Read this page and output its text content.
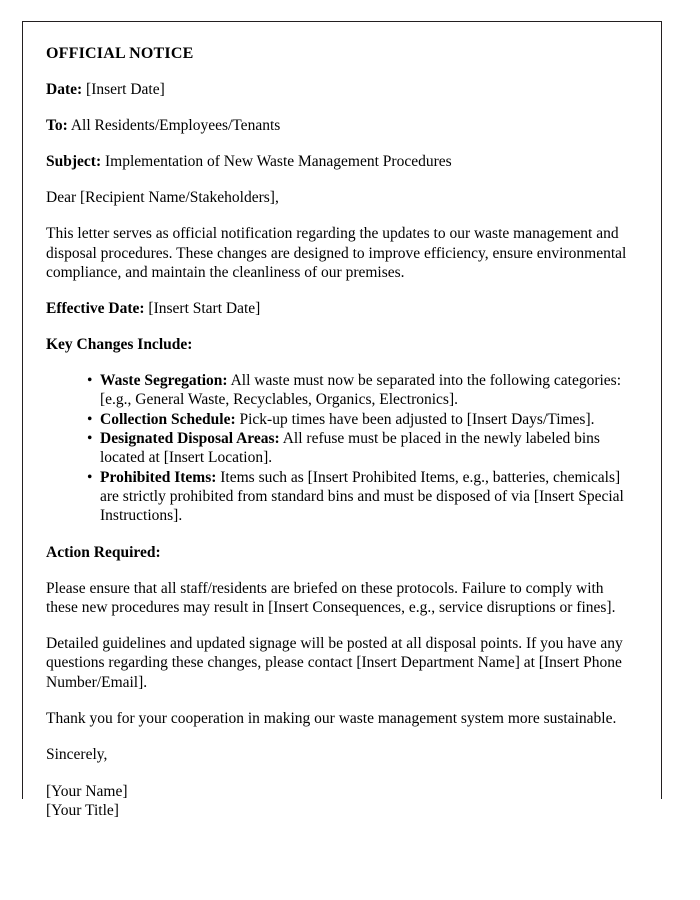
OFFICIAL NOTICE
Date: [Insert Date]
To: All Residents/Employees/Tenants
Subject: Implementation of New Waste Management Procedures
Dear [Recipient Name/Stakeholders],
This letter serves as official notification regarding the updates to our waste management and disposal procedures. These changes are designed to improve efficiency, ensure environmental compliance, and maintain the cleanliness of our premises.
Effective Date: [Insert Start Date]
Key Changes Include:
• Waste Segregation: All waste must now be separated into the following categories: [e.g., General Waste, Recyclables, Organics, Electronics].
• Collection Schedule: Pick-up times have been adjusted to [Insert Days/Times].
• Designated Disposal Areas: All refuse must be placed in the newly labeled bins located at [Insert Location].
• Prohibited Items: Items such as [Insert Prohibited Items, e.g., batteries, chemicals] are strictly prohibited from standard bins and must be disposed of via [Insert Special Instructions].
Action Required:
Please ensure that all staff/residents are briefed on these protocols. Failure to comply with these new procedures may result in [Insert Consequences, e.g., service disruptions or fines].
Detailed guidelines and updated signage will be posted at all disposal points. If you have any questions regarding these changes, please contact [Insert Department Name] at [Insert Phone Number/Email].
Thank you for your cooperation in making our waste management system more sustainable.
Sincerely,
[Your Name]
[Your Title]
